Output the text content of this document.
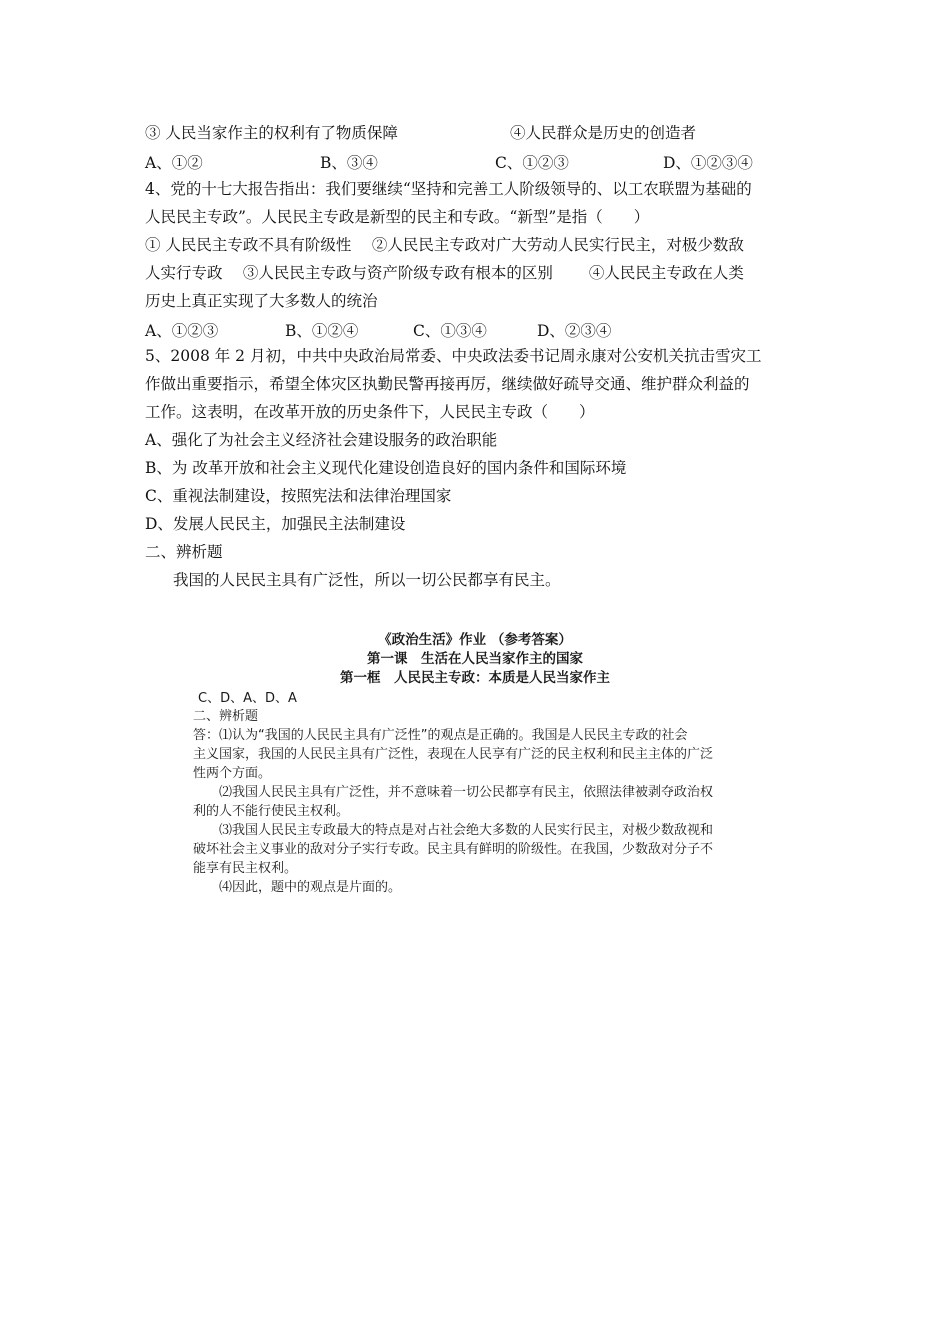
③ 人民当家作主的权利有了物质保障	④人民群众是历史的创造者
A、①②	B、③④	C、①②③	D、①②③④
4、党的十七大报告指出：我们要继续“坚持和完善工人阶级领导的、以工农联盟为基础的
人民民主专政”。人民民主专政是新型的民主和专政。“新型”是指（　　）
① 人民民主专政不具有阶级性　 ②人民民主专政对广大劳动人民实行民主，对极少数敌
人实行专政　 ③人民民主专政与资产阶级专政有根本的区别　　 ④人民民主专政在人类
历史上真正实现了大多数人的统治
A、①②③	B、①②④	C、①③④	D、②③④
5、2008 年 2 月初，中共中央政治局常委、中央政法委书记周永康对公安机关抗击雪灾工
作做出重要指示，希望全体灾区执勤民警再接再厉，继续做好疏导交通、维护群众利益的
工作。这表明，在改革开放的历史条件下，人民民主专政（　　）
A、强化了为社会主义经济社会建设服务的政治职能
B、为 改革开放和社会主义现代化建设创造良好的国内条件和国际环境
C、重视法制建设，按照宪法和法律治理国家
D、发展人民民主，加强民主法制建设
二、辨析题
我国的人民民主具有广泛性，所以一切公民都享有民主。
《政治生活》作业 （参考答案）
第一课　生活在人民当家作主的国家
第一框　人民民主专政：本质是人民当家作主
C、D、A、D、A
二、辨析题
答：⑴认为“我国的人民民主具有广泛性”的观点是正确的。我国是人民民主专政的社会
主义国家，我国的人民民主具有广泛性，表现在人民享有广泛的民主权利和民主主体的广泛
性两个方面。
　　⑵我国人民民主具有广泛性，并不意味着一切公民都享有民主，依照法律被剥夺政治权
利的人不能行使民主权利。
　　⑶我国人民民主专政最大的特点是对占社会绝大多数的人民实行民主，对极少数敌视和
破坏社会主义事业的敌对分子实行专政。民主具有鲜明的阶级性。在我国，少数敌对分子不
能享有民主权利。
　　⑷因此，题中的观点是片面的。
